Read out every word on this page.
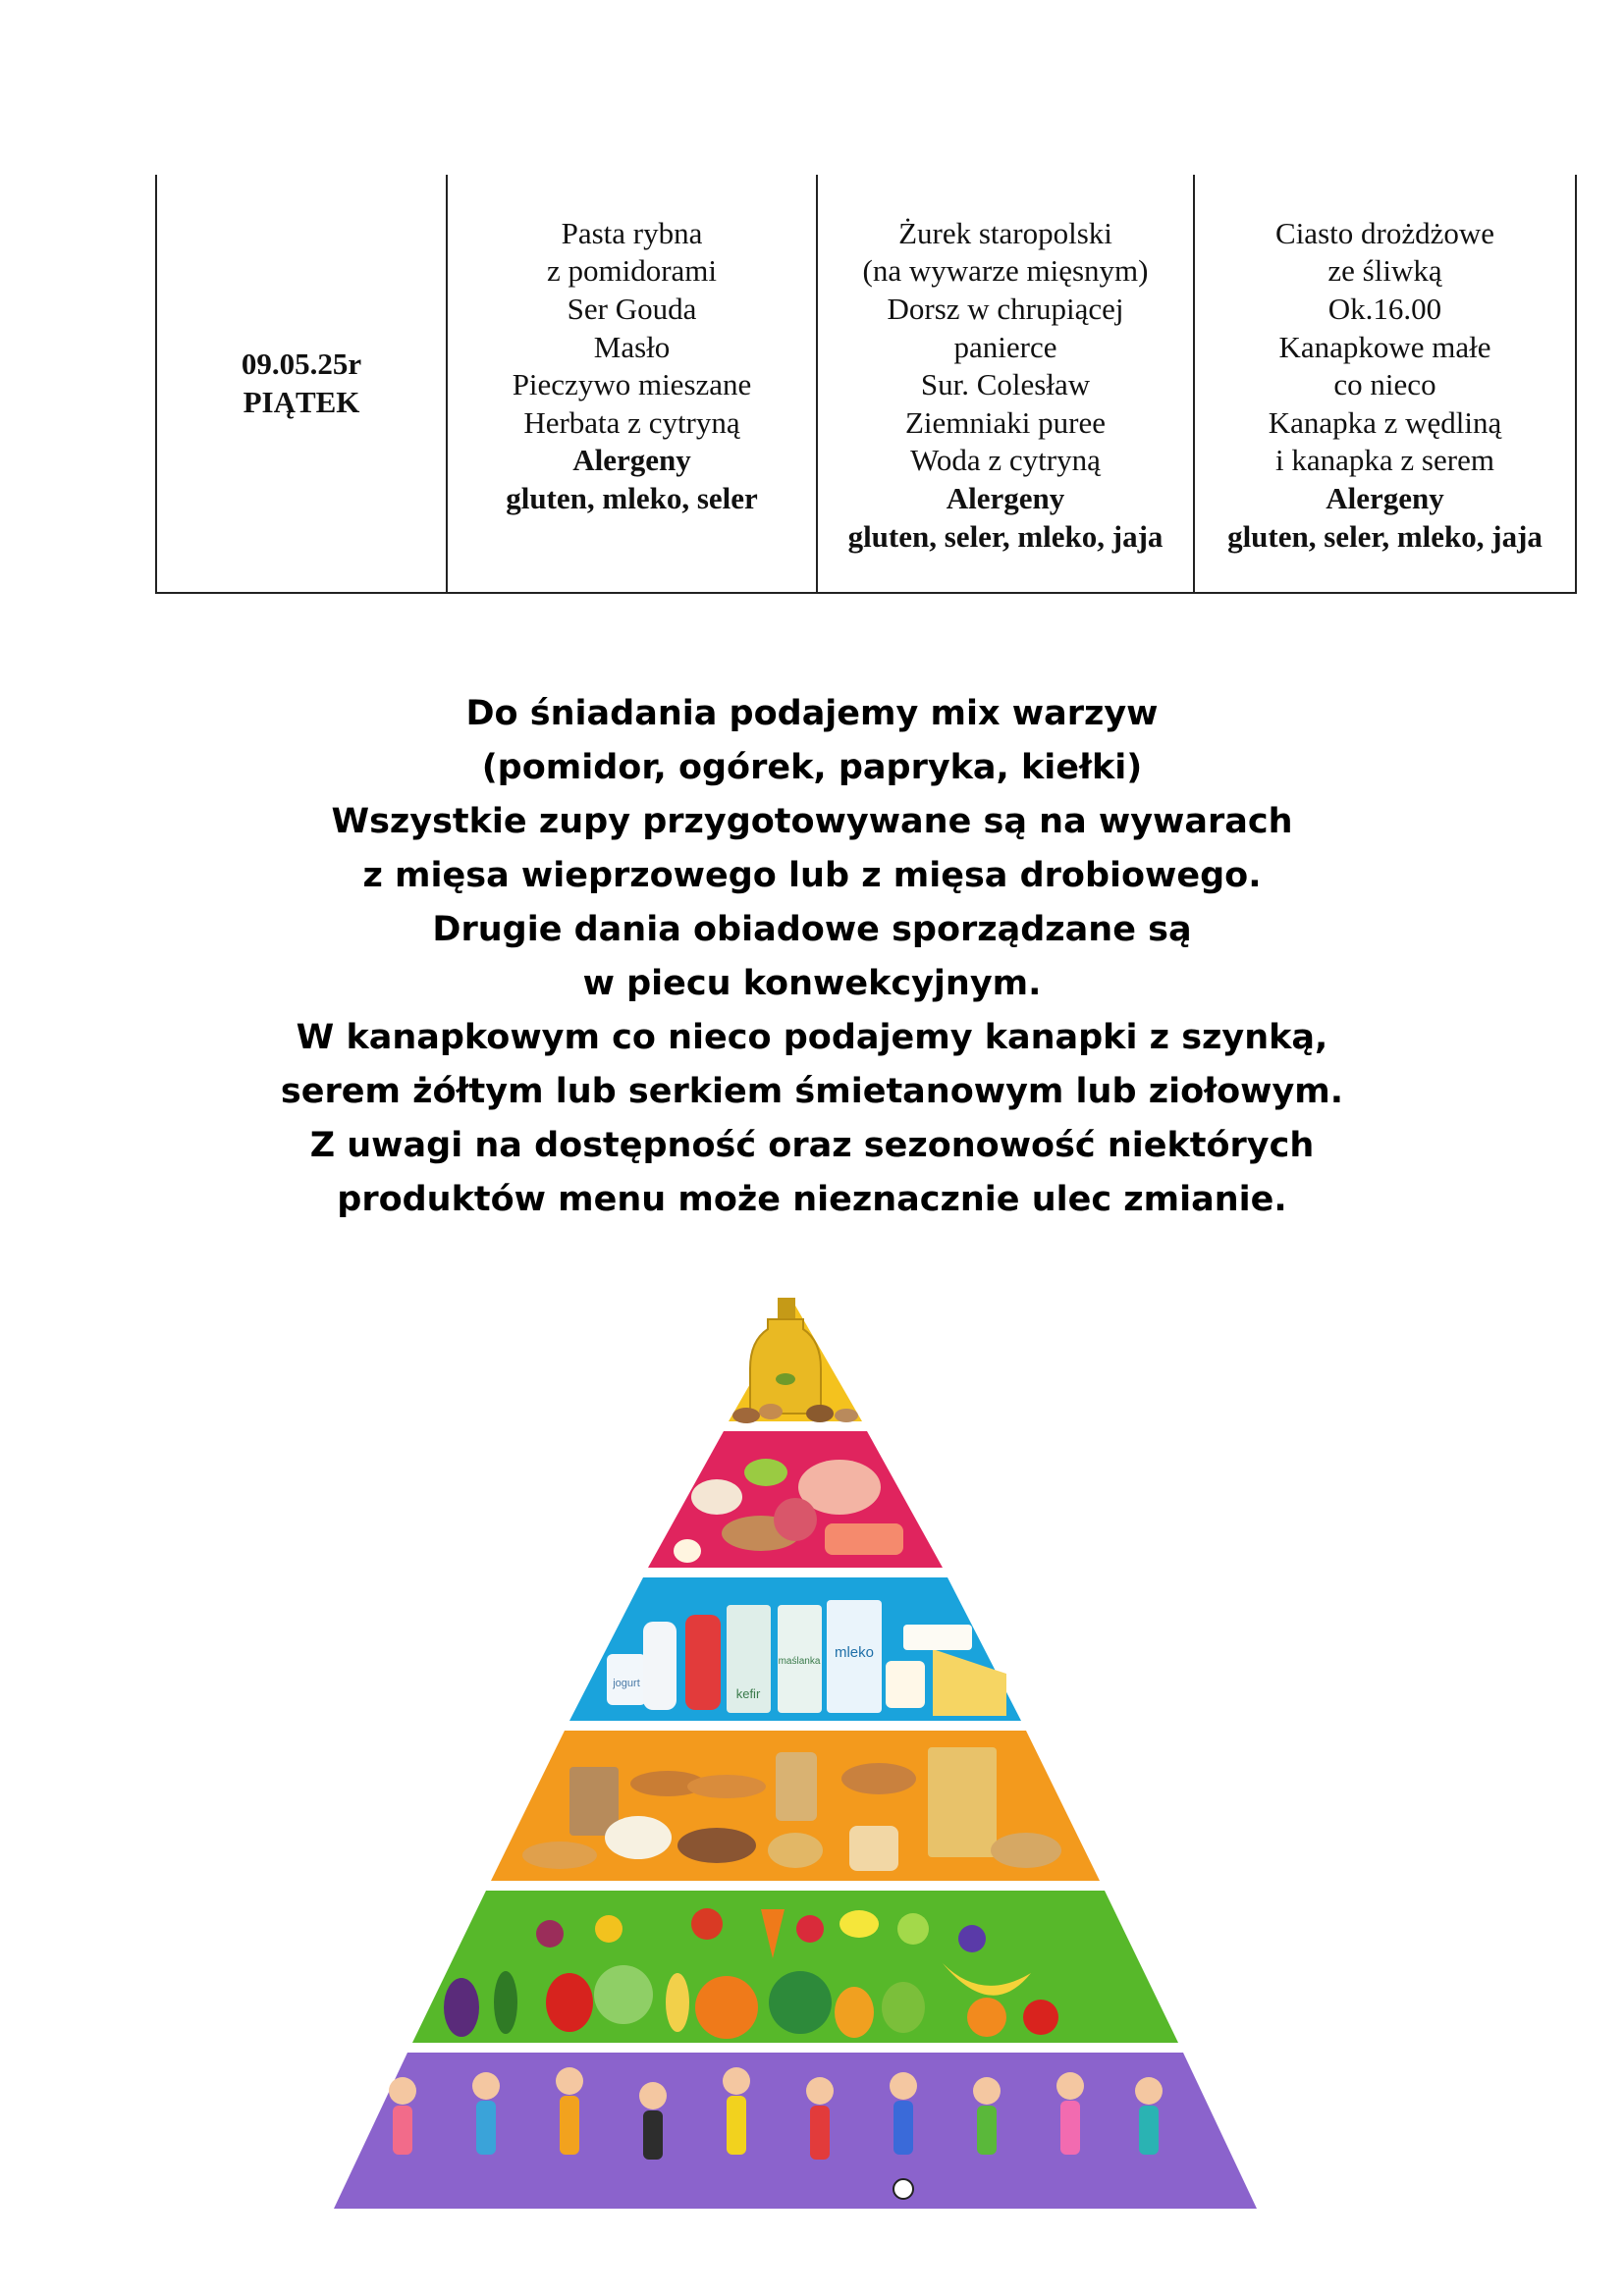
09.05.25r
PIĄTEK

Pasta rybna
z pomidorami
Ser Gouda
Masło
Pieczywo mieszane
Herbata z cytryną
Alergeny
gluten, mleko, seler

Żurek staropolski
(na wywarze mięsnym)
Dorsz w chrupiącej
panierce
Sur. Colesław
Ziemniaki puree
Woda z cytryną
Alergeny
gluten, seler, mleko, jaja

Ciasto drożdżowe
ze śliwką
Ok.16.00
Kanapkowe małe
co nieco
Kanapka z wędliną
i kanapka z serem
Alergeny
gluten, seler, mleko, jaja
Do śniadania podajemy mix warzyw
(pomidor, ogórek, papryka, kiełki)
Wszystkie zupy przygotowywane są na wywarach
z mięsa wieprzowego lub z mięsa drobiowego.
Drugie dania obiadowe sporządzane są
w piecu konwekcyjnym.
W kanapkowym co nieco podajemy kanapki z szynką,
serem żółtym lub serkiem śmietanowym lub ziołowym.
Z uwagi na dostępność oraz sezonowość niektórych
produktów menu może nieznacznie ulec zmianie.
jogurt
kefir
maślanka
mleko
